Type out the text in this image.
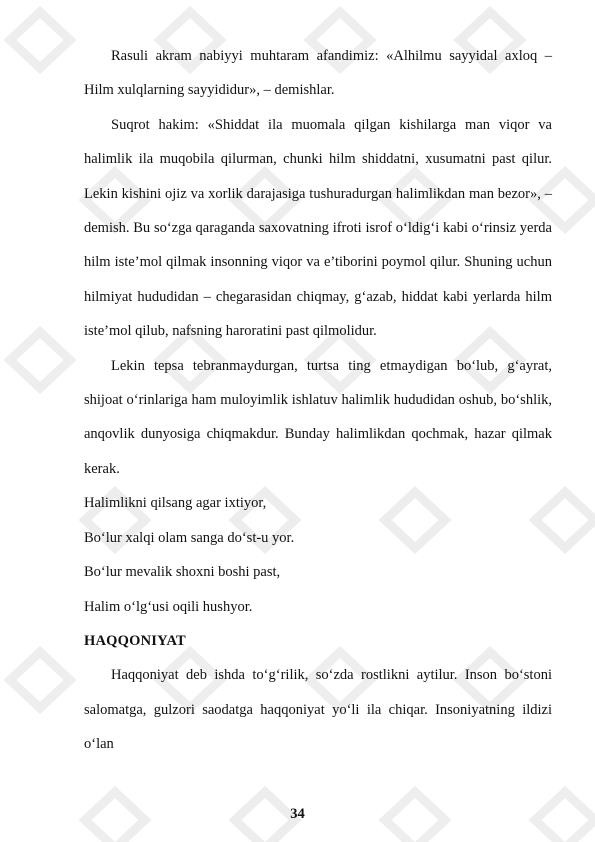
Rasuli akram nabiyyi muhtaram afandimiz: «Alhilmu sayyidal axloq – Hilm xulqlarning sayyididur», – demishlar.

Suqrot hakim: «Shiddat ila muomala qilgan kishilarga man viqor va halimlik ila muqobila qilurman, chunki hilm shiddatni, xusumatni past qilur. Lekin kishini ojiz va xorlik darajasiga tushuradurgan halimlikdan man bezor», – demish. Bu so‘zga qaraganda saxovatning ifroti isrof o‘ldig‘i kabi o‘rinsiz yerda hilm iste’mol qilmak insonning viqor va e’tiborini poymol qilur. Shuning uchun hilmiyat hududidan – chegarasidan chiqmay, g‘azab, hiddat kabi yerlarda hilm iste’mol qilub, nafsning haroratini past qilmolidur.

Lekin tepsa tebranmaydurgan, turtsa ting etmaydigan bo‘lub, g‘ayrat, shijoat o‘rinlariga ham muloyimlik ishlatuv halimlik hududidan oshub, bo‘shlik, anqovlik dunyosiga chiqmakdur. Bunday halimlikdan qochmak, hazar qilmak kerak.

Halimlikni qilsang agar ixtiyor,

Bo‘lur xalqi olam sanga do‘st-u yor.

Bo‘lur mevalik shoxni boshi past,

Halim o‘lg‘usi oqili hushyor.

HAQQONIYAT

Haqqoniyat deb ishda to‘g‘rilik, so‘zda rostlikni aytilur. Inson bo‘stoni salomatga, gulzori saodatga haqqoniyat yo‘li ila chiqar. Insoniyatning ildizi o‘lan

34
